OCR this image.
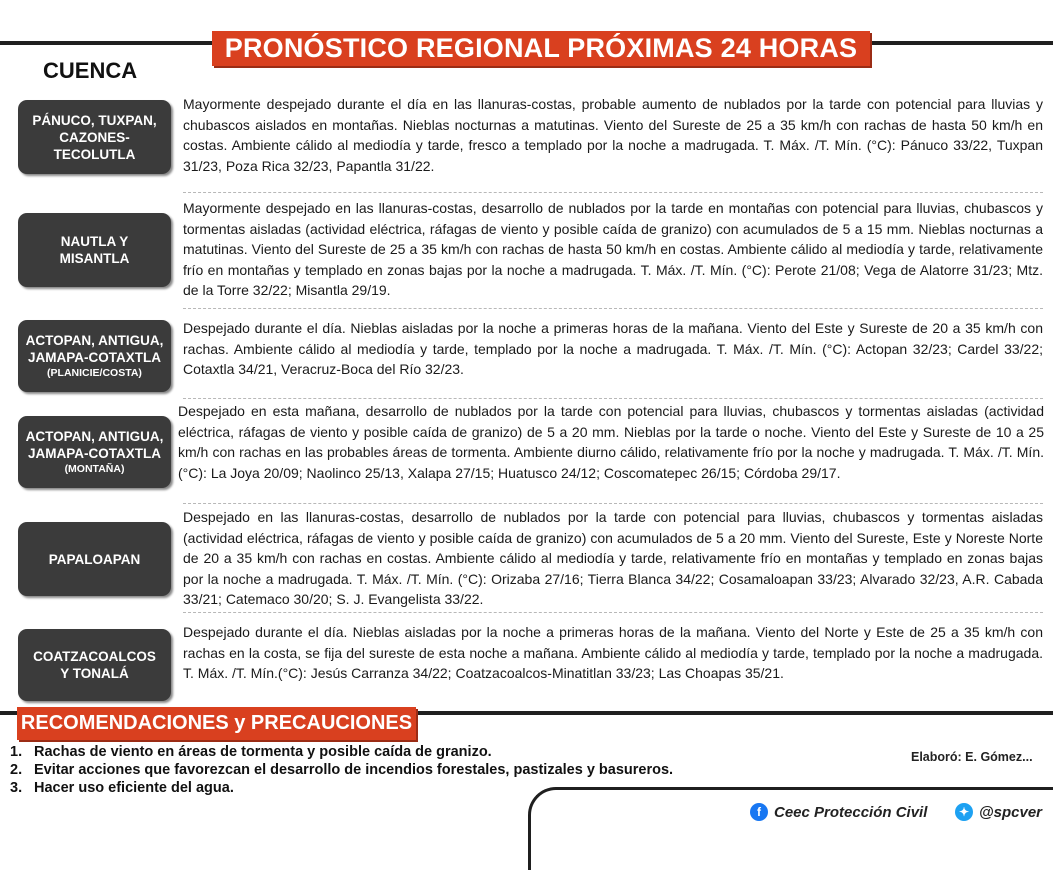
PRONÓSTICO REGIONAL PRÓXIMAS 24 HORAS
CUENCA
PÁNUCO, TUXPAN, CAZONES-TECOLUTLA

Mayormente despejado durante el día en las llanuras-costas, probable aumento de nublados por la tarde con potencial para lluvias y chubascos aislados en montañas. Nieblas nocturnas a matutinas. Viento del Sureste de 25 a 35 km/h con rachas de hasta 50 km/h en costas. Ambiente cálido al mediodía y tarde, fresco a templado por la noche a madrugada. T. Máx. /T. Mín. (°C): Pánuco 33/22, Tuxpan 31/23, Poza Rica 32/23, Papantla 31/22.

NAUTLA Y MISANTLA

Mayormente despejado en las llanuras-costas, desarrollo de nublados por la tarde en montañas con potencial para lluvias, chubascos y tormentas aisladas (actividad eléctrica, ráfagas de viento y posible caída de granizo) con acumulados de 5 a 15 mm. Nieblas nocturnas a matutinas. Viento del Sureste de 25 a 35 km/h con rachas de hasta 50 km/h en costas. Ambiente cálido al mediodía y tarde, relativamente frío en montañas y templado en zonas bajas por la noche a madrugada. T. Máx. /T. Mín. (°C): Perote 21/08; Vega de Alatorre 31/23; Mtz. de la Torre 32/22; Misantla 29/19.

ACTOPAN, ANTIGUA, JAMAPA-COTAXTLA
(PLANICIE/COSTA)

Despejado durante el día. Nieblas aisladas por la noche a primeras horas de la mañana. Viento del Este y Sureste de 20 a 35 km/h con rachas. Ambiente cálido al mediodía y tarde, templado por la noche a madrugada. T. Máx. /T. Mín. (°C): Actopan 32/23; Cardel 33/22; Cotaxtla 34/21, Veracruz-Boca del Río 32/23.

ACTOPAN, ANTIGUA, JAMAPA-COTAXTLA
(MONTAÑA)

Despejado en esta mañana, desarrollo de nublados por la tarde con potencial para lluvias, chubascos y tormentas aisladas (actividad eléctrica, ráfagas de viento y posible caída de granizo) de 5 a 20 mm. Nieblas por la tarde o noche. Viento del Este y Sureste de 10 a 25 km/h con rachas en las probables áreas de tormenta. Ambiente diurno cálido, relativamente frío por la noche y madrugada. T. Máx. /T. Mín.(°C): La Joya 20/09; Naolinco 25/13, Xalapa 27/15; Huatusco 24/12; Coscomatepec 26/15; Córdoba 29/17.

PAPALOAPAN

Despejado en las llanuras-costas, desarrollo de nublados por la tarde con potencial para lluvias, chubascos y tormentas aisladas (actividad eléctrica, ráfagas de viento y posible caída de granizo) con acumulados de 5 a 20 mm. Viento del Sureste, Este y Noreste Norte de 20 a 35 km/h con rachas en costas. Ambiente cálido al mediodía y tarde, relativamente frío en montañas y templado en zonas bajas por la noche a madrugada. T. Máx. /T. Mín. (°C): Orizaba 27/16; Tierra Blanca 34/22; Cosamaloapan 33/23; Alvarado 32/23, A.R. Cabada 33/21; Catemaco 30/20; S. J. Evangelista 33/22.

COATZACOALCOS Y TONALÁ

Despejado durante el día. Nieblas aisladas por la noche a primeras horas de la mañana. Viento del Norte y Este de 25 a 35 km/h con rachas en la costa, se fija del sureste de esta noche a mañana. Ambiente cálido al mediodía y tarde, templado por la noche a madrugada. T. Máx. /T. Mín.(°C): Jesús Carranza 34/22; Coatzacoalcos-Minatitlan 33/23; Las Choapas 35/21.

RECOMENDACIONES y PRECAUCIONES
1. Rachas de viento en áreas de tormenta y posible caída de granizo.
2. Evitar acciones que favorezcan el desarrollo de incendios forestales, pastizales y basureros.
3. Hacer uso eficiente del agua.
Elaboró: E. Gómez...
f Ceec Protección Civil	✦ @spcver
